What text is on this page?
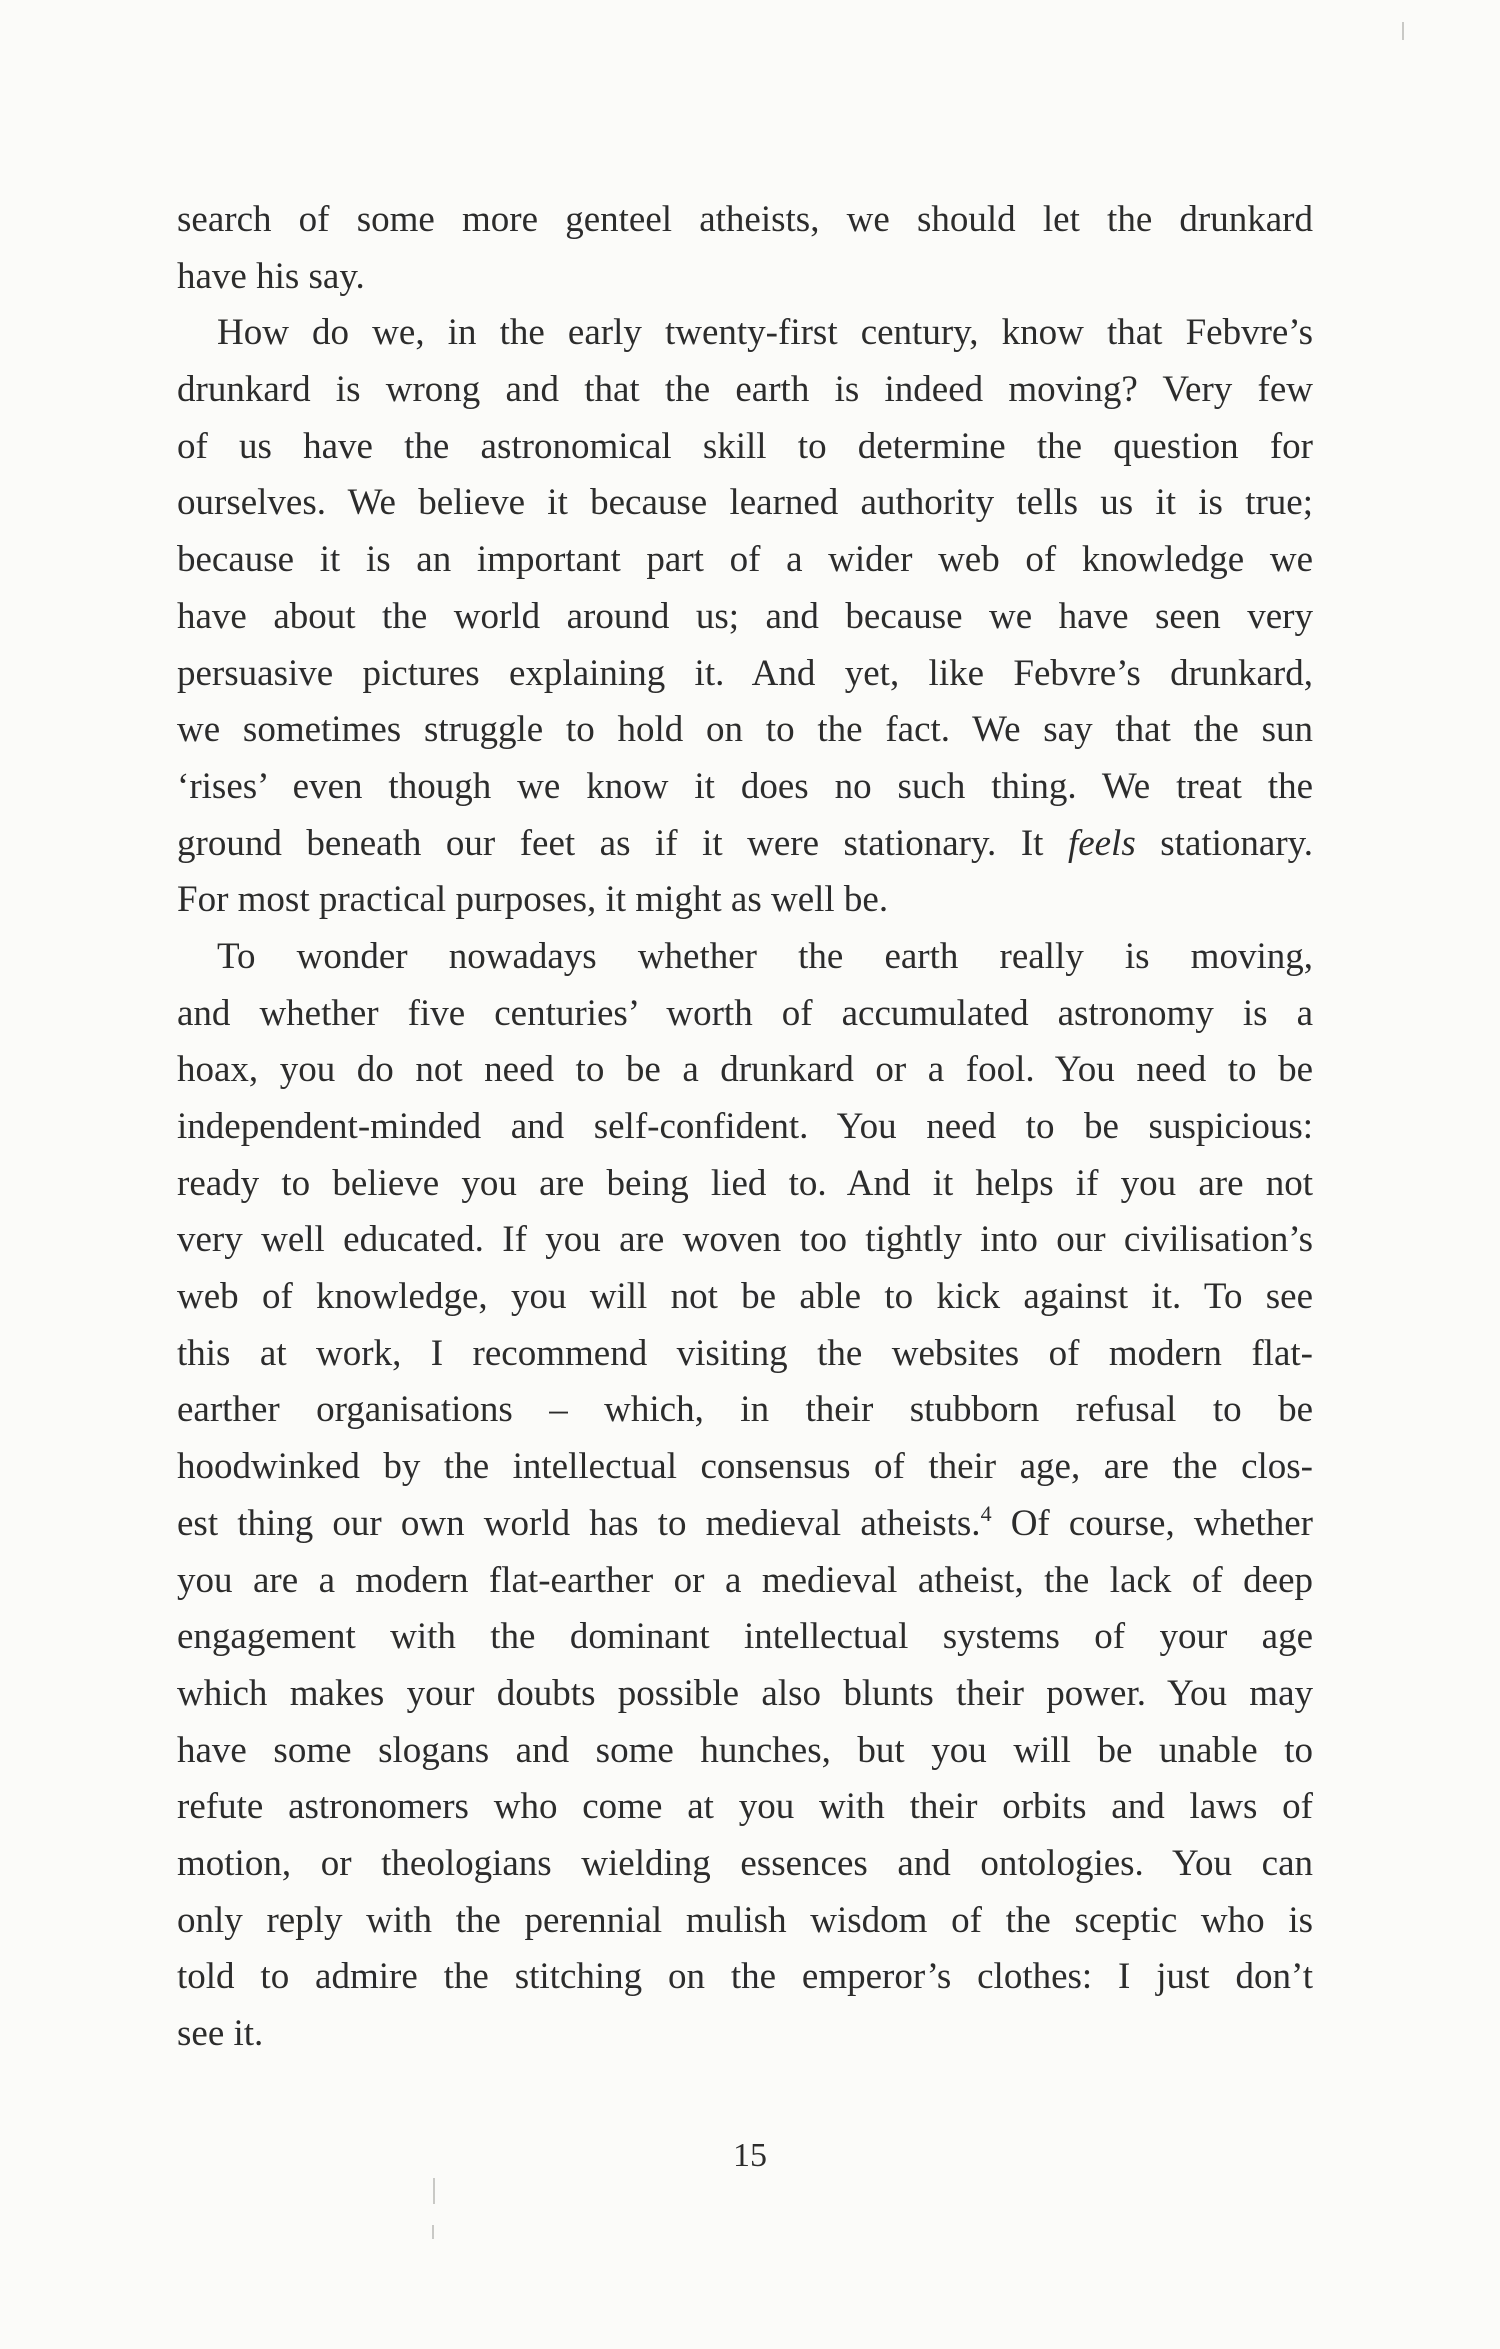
search of some more genteel atheists, we should let the drunkard
have his say.
How do we, in the early twenty-first century, know that Febvre’s
drunkard is wrong and that the earth is indeed moving? Very few
of us have the astronomical skill to determine the question for
ourselves. We believe it because learned authority tells us it is true;
because it is an important part of a wider web of knowledge we
have about the world around us; and because we have seen very
persuasive pictures explaining it. And yet, like Febvre’s drunkard,
we sometimes struggle to hold on to the fact. We say that the sun
‘rises’ even though we know it does no such thing. We treat the
ground beneath our feet as if it were stationary. It feels stationary.
For most practical purposes, it might as well be.
To wonder nowadays whether the earth really is moving,
and whether five centuries’ worth of accumulated astronomy is a
hoax, you do not need to be a drunkard or a fool. You need to be
independent-minded and self-confident. You need to be suspicious:
ready to believe you are being lied to. And it helps if you are not
very well educated. If you are woven too tightly into our civilisation’s
web of knowledge, you will not be able to kick against it. To see
this at work, I recommend visiting the websites of modern flat-
earther organisations – which, in their stubborn refusal to be
hoodwinked by the intellectual consensus of their age, are the clos-
est thing our own world has to medieval atheists.$^4$ Of course, whether
you are a modern flat-earther or a medieval atheist, the lack of deep
engagement with the dominant intellectual systems of your age
which makes your doubts possible also blunts their power. You may
have some slogans and some hunches, but you will be unable to
refute astronomers who come at you with their orbits and laws of
motion, or theologians wielding essences and ontologies. You can
only reply with the perennial mulish wisdom of the sceptic who is
told to admire the stitching on the emperor’s clothes: I just don’t
see it.
15
